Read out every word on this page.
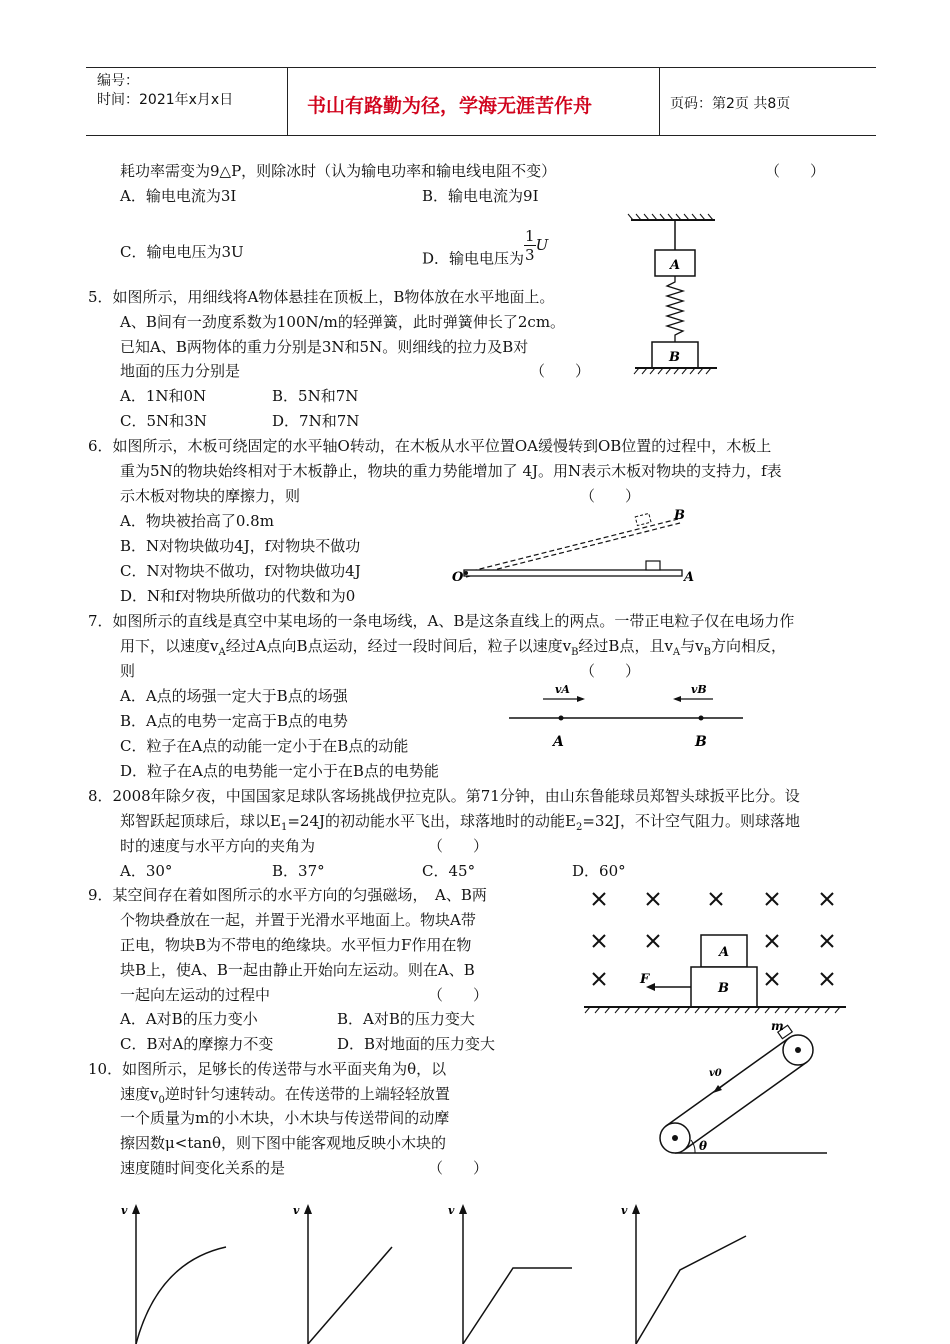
编号：
时间：2021年x月x日	书山有路勤为径，学海无涯苦作舟	页码：第2页 共8页
耗功率需变为9△P，则除冰时（认为输电功率和输电线电阻不变）	（　　）
A．输电电流为3I	B．输电电流为9I
C．输电电压为3U	D．输电电压为 $\frac{1}{3}$ U
A
B
5．如图所示，用细线将A物体悬挂在顶板上，B物体放在水平地面上。
A、B间有一劲度系数为100N/m的轻弹簧，此时弹簧伸长了2cm。
已知A、B两物体的重力分别是3N和5N。则细线的拉力及B对
地面的压力分别是	（　　）
A．1N和0N	B．5N和7N
C．5N和3N	D．7N和7N
6．如图所示，木板可绕固定的水平轴O转动，在木板从水平位置OA缓慢转到OB位置的过程中，木板上
重为5N的物块始终相对于木板静止，物块的重力势能增加了 4J。用N表示木板对物块的支持力，f表
示木板对物块的摩擦力，则	（　　）
A．物块被抬高了0.8m
B．N对物块做功4J，f对物块不做功
C．N对物块不做功，f对物块做功4J
D．N和f对物块所做功的代数和为0
O	A
B
7．如图所示的直线是真空中某电场的一条电场线，A、B是这条直线上的两点。一带正电粒子仅在电场力作
用下，以速度$v_A$经过A点向B点运动，经过一段时间后，粒子以速度$v_B$经过B点，且$v_A$与$v_B$方向相反，
则	（　　）
A．A点的场强一定大于B点的场强
B．A点的电势一定高于B点的电势
C．粒子在A点的动能一定小于在B点的动能
D．粒子在A点的电势能一定小于在B点的电势能
vA	vB
A	B
8．2008年除夕夜，中国国家足球队客场挑战伊拉克队。第71分钟，由山东鲁能球员郑智头球扳平比分。设
郑智跃起顶球后，球以$E_1=24J$的初动能水平飞出，球落地时的动能$E_2=32J$，不计空气阻力。则球落地
时的速度与水平方向的夹角为	（　　）
A．30°	B．37°	C．45°	D．60°
9．某空间存在着如图所示的水平方向的匀强磁场，　A、B两
个物块叠放在一起，并置于光滑水平地面上。物块A带
正电，物块B为不带电的绝缘块。水平恒力F作用在物
块B上，使A、B一起由静止开始向左运动。则在A、B
一起向左运动的过程中	（　　）
A．A对B的压力变小	B．A对B的压力变大
C．B对A的摩擦力不变	D．B对地面的压力变大
A
B
F
10．如图所示，足够长的传送带与水平面夹角为θ，以
速度$v_0$逆时针匀速转动。在传送带的上端轻轻放置
一个质量为m的小木块，小木块与传送带间的动摩
擦因数μ<tanθ，则下图中能客观地反映小木块的
速度随时间变化关系的是	（　　）
m
v0
θ
v	v	v	v
